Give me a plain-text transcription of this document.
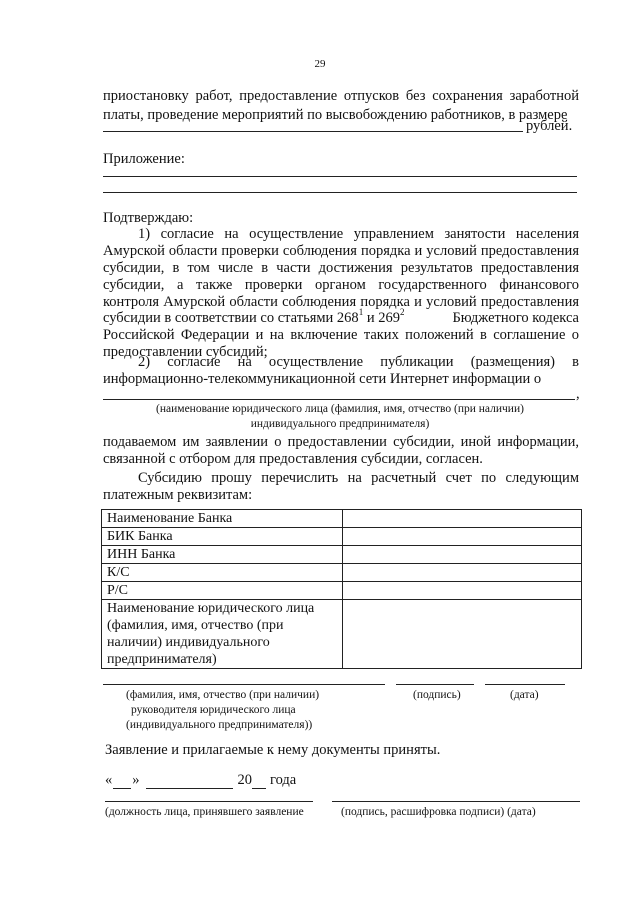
29
приостановку работ, предоставление отпусков без сохранения заработной
платы, проведение мероприятий по высвобождению работников, в размере
рублей.
Приложение:
Подтверждаю:
1) согласие на осуществление управлением занятости населения
Амурской области проверки соблюдения порядка и условий предоставления
субсидии, в том числе в части достижения результатов предоставления
субсидии, а также проверки органом государственного финансового
контроля Амурской области соблюдения порядка и условий предоставления
субсидии в соответствии со статьями $268^1$ и $269^2$	Бюджетного кодекса
Российской Федерации и на включение таких положений в соглашение о
предоставлении субсидий;
2) согласие на осуществление публикации (размещения) в
информационно-телекоммуникационной сети Интернет информации о
,
(наименование юридического лица (фамилия, имя, отчество (при наличии)
индивидуального предпринимателя)
подаваемом им заявлении о предоставлении субсидии, иной информации,
связанной с отбором для предоставления субсидии, согласен.
Субсидию прошу перечислить на расчетный счет по следующим
платежным реквизитам:
Наименование Банка	
БИК Банка	
ИНН Банка	
К/С	
Р/С	

Наименование юридического лица
(фамилия, имя, отчество (при
наличии) индивидуального
предпринимателя)	

(фамилия, имя, отчество (при наличии)	(подпись)	(дата)
руководителя юридического лица
(индивидуального предпринимателя))
Заявление и прилагаемые к нему документы приняты.
« »	20 года
(должность лица, принявшего заявление	(подпись, расшифровка подписи) (дата)
